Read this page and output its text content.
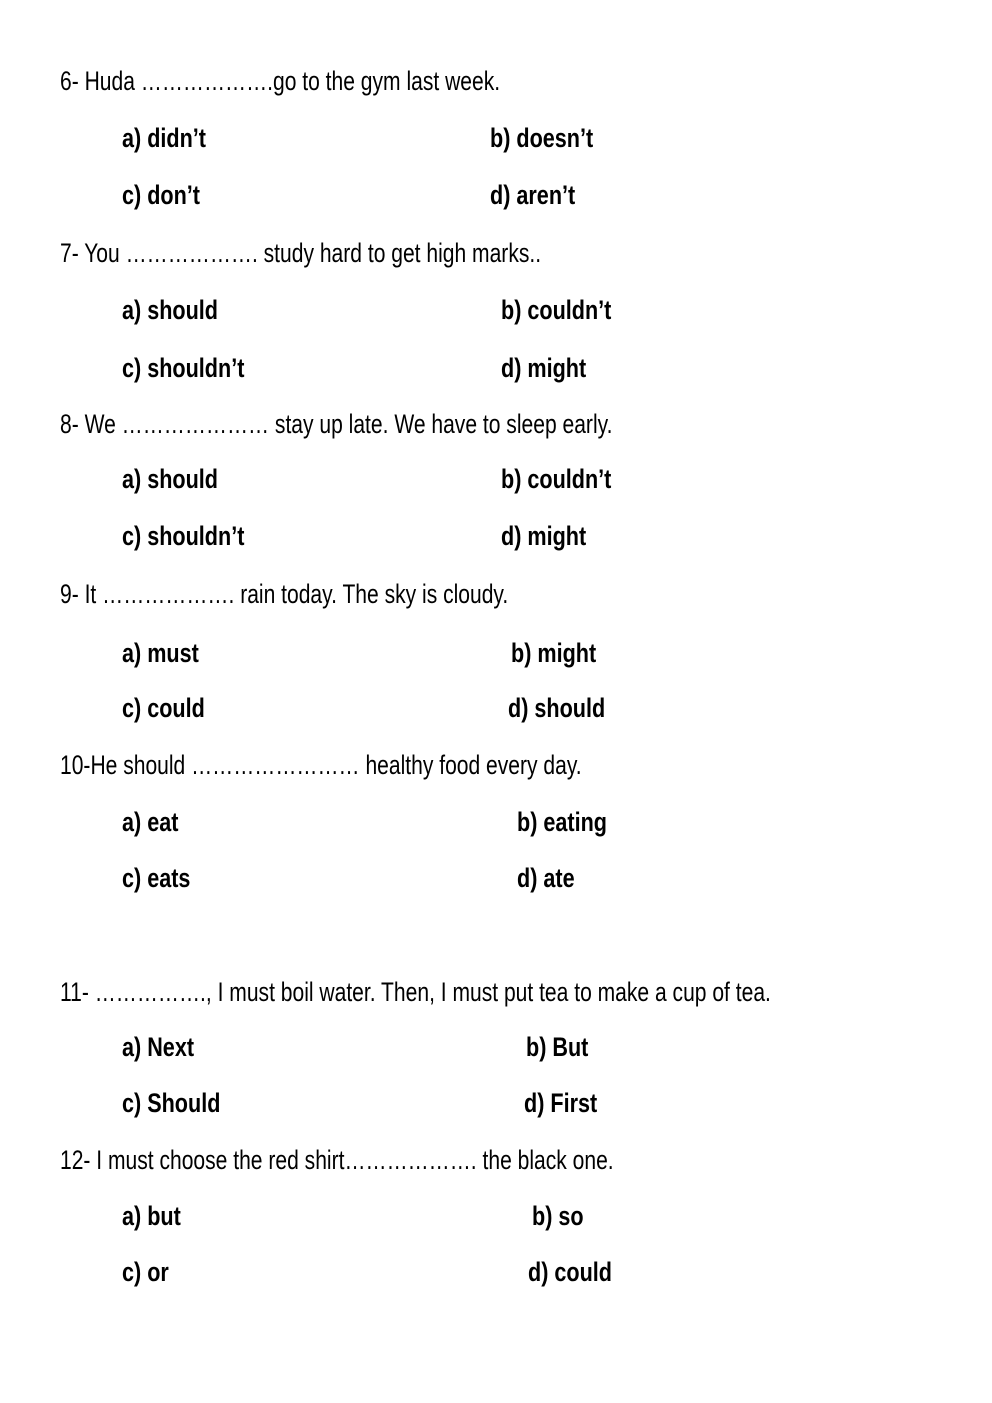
6- Huda ……………….go to the gym last week.
a) didn’t	b) doesn’t
c) don’t	d) aren’t
7- You ………………. study hard to get high marks..
a) should	b) couldn’t
c) shouldn’t	d) might
8- We ………………… stay up late. We have to sleep early.
a) should	b) couldn’t
c) shouldn’t	d) might
9- It ………………. rain today. The sky is cloudy.
a) must	b) might
c) could	d) should
10-He should …………………… healthy food every day.
a) eat	b) eating
c) eats	d) ate
11- ……………., I must boil water. Then, I must put tea to make a cup of tea.
a) Next	b) But
c) Should	d) First
12- I must choose the red shirt………………. the black one.
a) but	b) so
c) or	d) could
